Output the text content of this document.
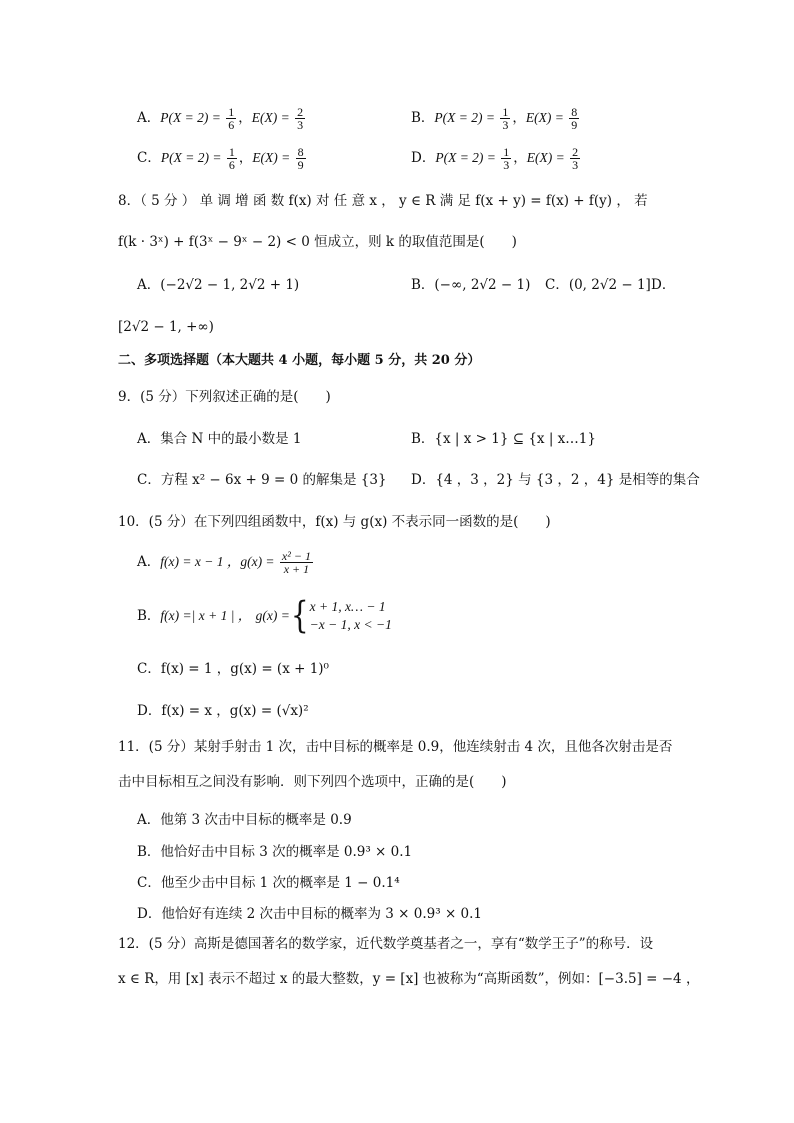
A．$P(X = 2) = \frac{1}{6}$ ，$E(X) = \frac{2}{3}$	B．$P(X = 2) = \frac{1}{3}$ ，$E(X) = \frac{8}{9}$
C．$P(X = 2) = \frac{1}{6}$ ，$E(X) = \frac{8}{9}$	D．$P(X = 2) = \frac{1}{3}$ ，$E(X) = \frac{2}{3}$
8．（ 5 分 ） 单 调 增 函 数 f(x) 对 任 意 x ， y ∈ R 满 足 f(x + y) = f(x) + f(y) ， 若
f(k · 3ˣ) + f(3ˣ − 9ˣ − 2) < 0 恒成立，则 k 的取值范围是(　　)
A．(−2√2 − 1, 2√2 + 1)	B．(−∞, 2√2 − 1) C．(0, 2√2 − 1] D．
[2√2 − 1, +∞)
二、多项选择题（本大题共 4 小题，每小题 5 分，共 20 分）
9．(5 分）下列叙述正确的是(　　)
A．集合 N 中的最小数是 1	B．{x | x > 1} ⊆ {x | x…1}
C．方程 x² − 6x + 9 = 0 的解集是 {3} D．{4 ，3 ，2} 与 {3 ，2 ，4} 是相等的集合
10．(5 分）在下列四组函数中，f(x) 与 g(x) 不表示同一函数的是(　　)
A．f(x) = x − 1 ，$g(x) = \frac{\text{x² − 1}}{x + 1}$
B． f(x) =| x + 1 | ，
g(x) = { x + 1, x… − 1
−x − 1, x < −1
C．f(x) = 1 ，g(x) = (x + 1)⁰
D．f(x) = x ，g(x) = (√x)²
11．(5 分）某射手射击 1 次，击中目标的概率是 0.9，他连续射击 4 次，且他各次射击是否
击中目标相互之间没有影响．则下列四个选项中，正确的是(　　)
A．他第 3 次击中目标的概率是 0.9
B．他恰好击中目标 3 次的概率是 0.9³ × 0.1
C．他至少击中目标 1 次的概率是 1 − 0.1⁴
D．他恰好有连续 2 次击中目标的概率为 3 × 0.9³ × 0.1
12．(5 分）高斯是德国著名的数学家，近代数学奠基者之一，享有“数学王子”的称号．设
x ∈ R，用 [x] 表示不超过 x 的最大整数，y = [x] 也被称为“高斯函数”，例如：[−3.5] = −4 ，
